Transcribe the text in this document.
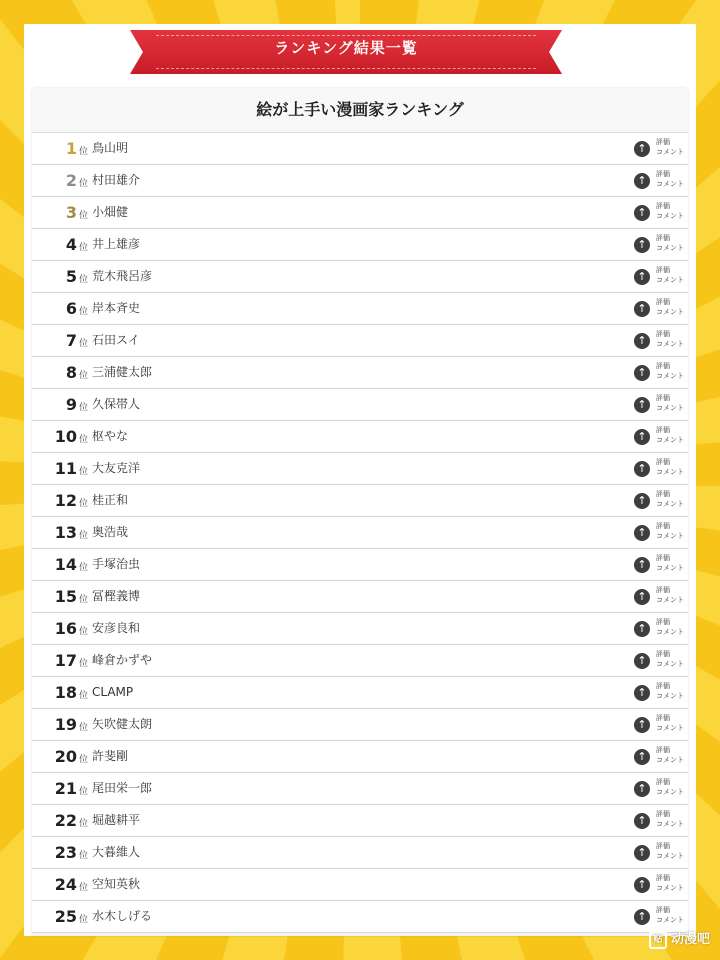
ランキング結果一覧
絵が上手い漫画家ランキング
1 位 鳥山明	↑	評価
コメント
2 位 村田雄介	↑	評価
コメント
3 位 小畑健	↑	評価
コメント
4 位 井上雄彦	↑	評価
コメント
5 位 荒木飛呂彦	↑	評価
コメント
6 位 岸本斉史	↑	評価
コメント
7 位 石田スイ	↑	評価
コメント
8 位 三浦健太郎	↑	評価
コメント
9 位 久保帯人	↑	評価
コメント
10 位 枢やな	↑	評価
コメント
11 位 大友克洋	↑	評価
コメント
12 位 桂正和	↑	評価
コメント
13 位 奥浩哉	↑	評価
コメント
14 位 手塚治虫	↑	評価
コメント
15 位 冨樫義博	↑	評価
コメント
16 位 安彦良和	↑	評価
コメント
17 位 峰倉かずや	↑	評価
コメント
18 位 CLAMP	↑	評価
コメント
19 位 矢吹健太朗	↑	評価
コメント
20 位 許斐剛	↑	評価
コメント
21 位 尾田栄一郎	↑	評価
コメント
22 位 堀越耕平	↑	評価
コメント
23 位 大暮維人	↑	評価
コメント
24 位 空知英秋	↑	評価
コメント
25 位 水木しげる	↑	評価
コメント
贴 动漫吧
